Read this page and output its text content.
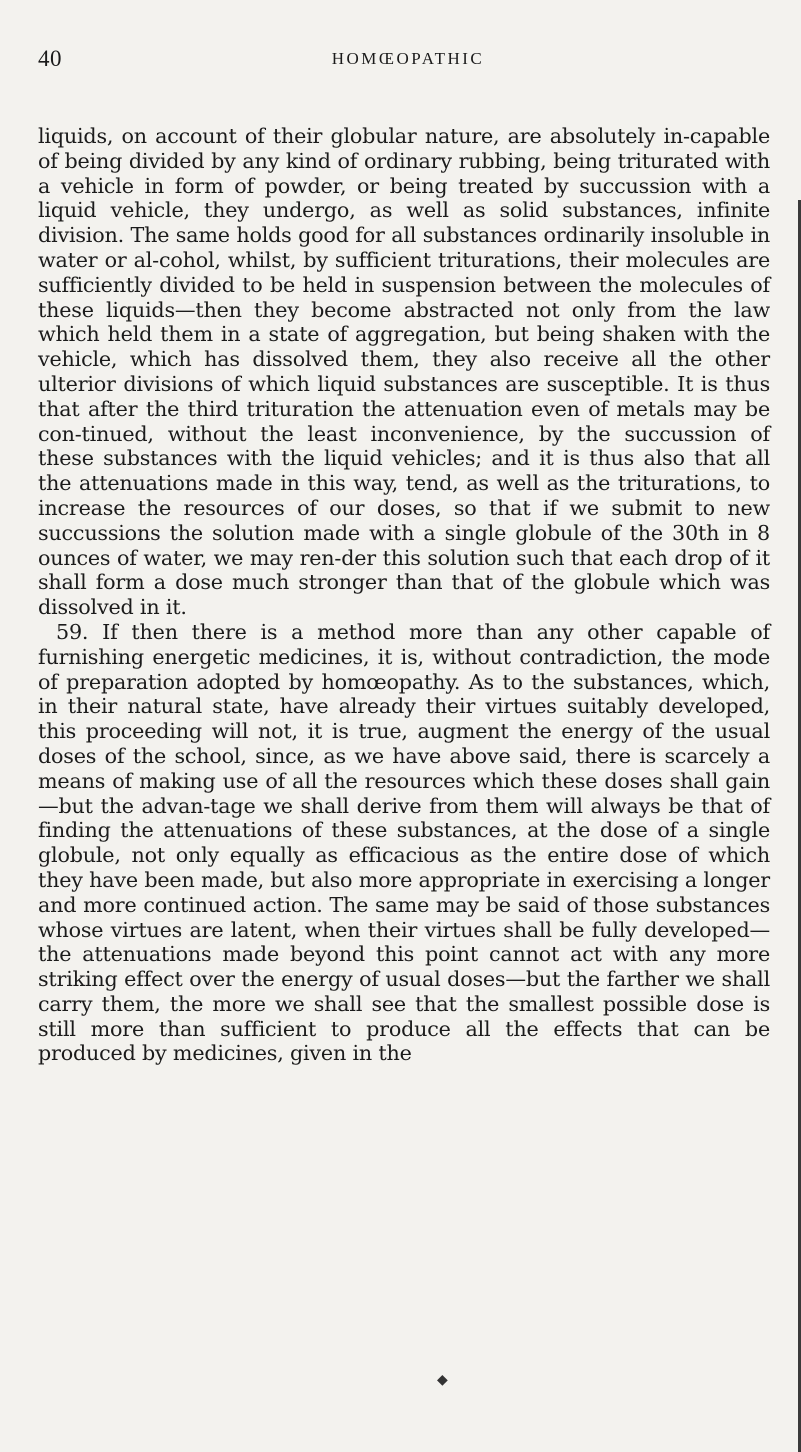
40	HOMŒOPATHIC

liquids, on account of their globular nature, are absolutely in-capable of being divided by any kind of ordinary rubbing, being triturated with a vehicle in form of powder, or being treated by succussion with a liquid vehicle, they undergo, as well as solid substances, infinite division. The same holds good for all substances ordinarily insoluble in water or al-cohol, whilst, by sufficient triturations, their molecules are sufficiently divided to be held in suspension between the molecules of these liquids—then they become abstracted not only from the law which held them in a state of aggregation, but being shaken with the vehicle, which has dissolved them, they also receive all the other ulterior divisions of which liquid substances are susceptible. It is thus that after the third trituration the attenuation even of metals may be con-tinued, without the least inconvenience, by the succussion of these substances with the liquid vehicles; and it is thus also that all the attenuations made in this way, tend, as well as the triturations, to increase the resources of our doses, so that if we submit to new succussions the solution made with a single globule of the 30th in 8 ounces of water, we may ren-der this solution such that each drop of it shall form a dose much stronger than that of the globule which was dissolved in it.

59. If then there is a method more than any other capable of furnishing energetic medicines, it is, without contradiction, the mode of preparation adopted by homœopathy. As to the substances, which, in their natural state, have already their virtues suitably developed, this proceeding will not, it is true, augment the energy of the usual doses of the school, since, as we have above said, there is scarcely a means of making use of all the resources which these doses shall gain—but the advan-tage we shall derive from them will always be that of finding the attenuations of these substances, at the dose of a single globule, not only equally as efficacious as the entire dose of which they have been made, but also more appropriate in exercising a longer and more continued action. The same may be said of those substances whose virtues are latent, when their virtues shall be fully developed—the attenuations made beyond this point cannot act with any more striking effect over the energy of usual doses—but the farther we shall carry them, the more we shall see that the smallest possible dose is still more than sufficient to produce all the effects that can be produced by medicines, given in the

◆
